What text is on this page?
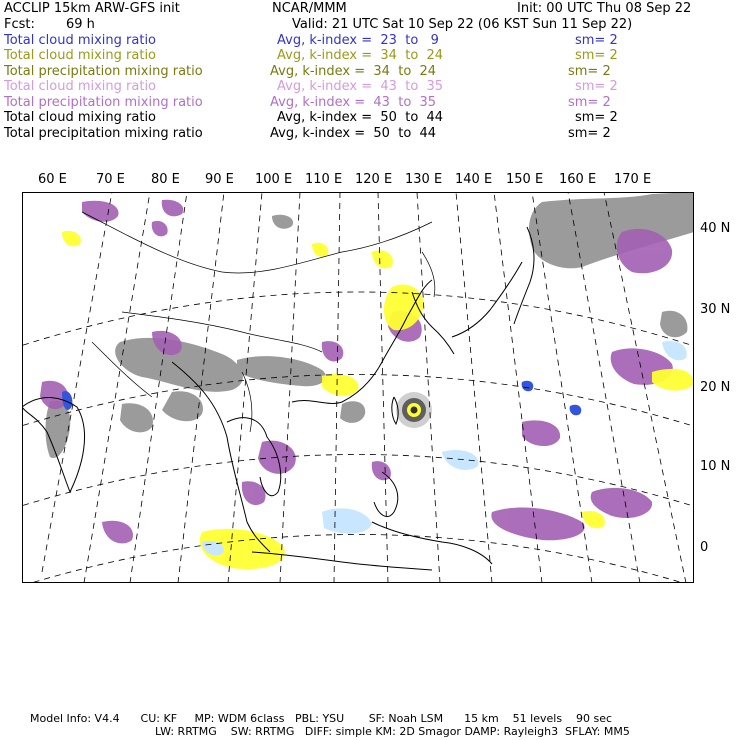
ACCLIP 15km ARW-GFS init	NCAR/MMM	Init: 00 UTC Thu 08 Sep 22
Fcst: 69 h	Valid: 21 UTC Sat 10 Sep 22 (06 KST Sun 11 Sep 22)
Total cloud mixing ratio	Avg, k-index =  23  to   9	sm= 2
Total cloud mixing ratio	Avg, k-index =  34  to  24	sm= 2
Total precipitation mixing ratio	Avg, k-index =  34  to  24	sm= 2
Total cloud mixing ratio	Avg, k-index =  43  to  35	sm= 2
Total precipitation mixing ratio	Avg, k-index =  43  to  35	sm= 2
Total cloud mixing ratio	Avg, k-index =  50  to  44	sm= 2
Total precipitation mixing ratio	Avg, k-index =  50  to  44	sm= 2
60 E 70 E 80 E 90 E 100 E 110 E 120 E 130 E 140 E 150 E 160 E 170 E
40 N
30 N
20 N
10 N
0
Model Info: V4.4      CU: KF     MP: WDM 6class   PBL: YSU       SF: Noah LSM      15 km    51 levels    90 sec
LW: RRTMG    SW: RRTMG   DIFF: simple KM: 2D Smagor DAMP: Rayleigh3  SFLAY: MM5
